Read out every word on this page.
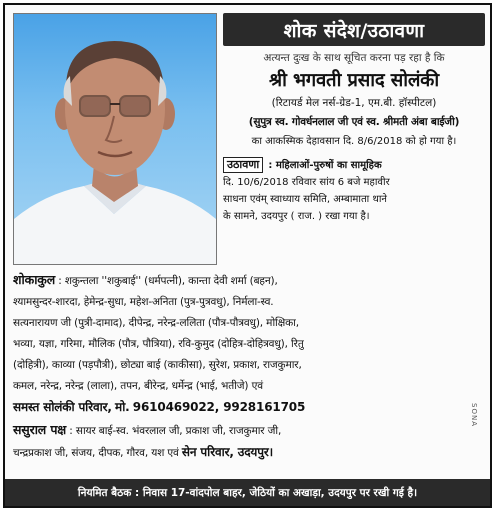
शोक संदेश/उठावणा
अत्यन्त दुःख के साथ सूचित करना पड़ रहा है कि
श्री भगवती प्रसाद सोलंकी
(रिटायर्ड मेल नर्स-ग्रेड-1, एम.बी. हॉस्पीटल)
(सुपुत्र स्व. गोवर्धनलाल जी एवं स्व. श्रीमती अंबा बाईजी)
का आकस्मिक देहावसान दि. 8/6/2018 को हो गया है।
उठावणा : महिलाओं-पुरुषों का सामूहिक
दि. 10/6/2018 रविवार सांय 6 बजे महावीर
साधना एवंम् स्वाध्याय समिति, अम्बामाता थाने
के सामने, उदयपुर ( राज. ) रखा गया है।
शोकाकुल : शकुन्तला ''शकुबाई'' (धर्मपत्नी), कान्ता देवी शर्मा (बहन),
श्यामसुन्दर-शारदा, हेमेन्द्र-सुधा, महेश-अनिता (पुत्र-पुत्रवधु), निर्मला-स्व.
सत्यनारायण जी (पुत्री-दामाद), दीपेन्द्र, नरेन्द्र-ललिता (पौत्र-पौत्रवधु), मोक्षिका,
भव्या, यज्ञा, गरिमा, मौलिक (पौत्र, पौत्रिया), रवि-कुमुद (दोहित्र-दोहित्रवधु), रितु
(दोहित्री), काव्या (पड़पौत्री), छोट्या बाई (काकीसा), सुरेश, प्रकाश, राजकुमार,
कमल, नरेन्द्र, नरेन्द्र (लाला), तपन, बीरेन्द्र, धर्मेन्द्र (भाई, भतीजे) एवं
समस्त सोलंकी परिवार, मो. 9610469022, 9928161705
ससुराल पक्ष : सायर बाई-स्व. भंवरलाल जी, प्रकाश जी, राजकुमार जी,
चन्द्रप्रकाश जी, संजय, दीपक, गौरव, यश एवं सेन परिवार, उदयपुर।
SONA
नियमित बैठक : निवास 17-वांदपोल बाहर, जेठियों का अखाड़ा, उदयपुर पर रखी गई है।
